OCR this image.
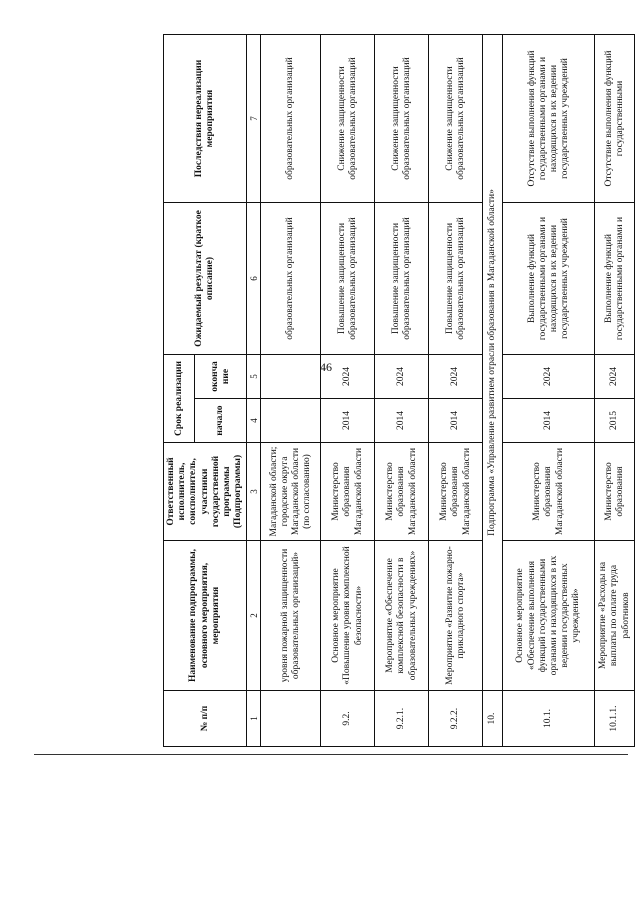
46
№ п/п	Наименование подпрограммы, основного мероприятия, мероприятия	Ответственный исполнитель, соисполнитель, участники государственной программы (Подпрограммы)	Срок реализации		Ожидаемый результат (краткое описание)	Последствия нереализации мероприятия
			начало	оконча ние		
1	2	3	4	5	6	7
	уровня пожарной защищенности образовательных организаций»	Магаданской области; городские округа Магаданской области (по согласованию)			образовательных организаций	образовательных организаций
9.2.	Основное мероприятие «Повышение уровня комплексной безопасности»	Министерство образования Магаданской области	2014	2024	Повышение защищенности образовательных организаций	Снижение защищенности образовательных организаций
9.2.1.	Мероприятие «Обеспечение комплексной безопасности в образовательных учреждениях»	Министерство образования Магаданской области	2014	2024	Повышение защищенности образовательных организаций	Снижение защищенности образовательных организаций
9.2.2.	Мероприятие «Развитие пожарно-прикладного спорта»	Министерство образования Магаданской области	2014	2024	Повышение защищенности образовательных организаций	Снижение защищенности образовательных организаций
10.	Подпрограмма «Управление развитием отрасли образования в Магаданской области»					
10.1.	Основное мероприятие «Обеспечение выполнения функций государственными органами и находящихся в их ведении государственных учреждений»	Министерство образования Магаданской области	2014	2024	Выполнение функций государственными органами и находящихся в их ведении государственных учреждений	Отсутствие выполнения функций государственными органами и находящихся в их ведении государственных учреждений
10.1.1.	Мероприятие «Расходы на выплаты по оплате труда работников	Министерство образования	2015	2024	Выполнение функций государственными органами и	Отсутствие выполнения функций государственными
